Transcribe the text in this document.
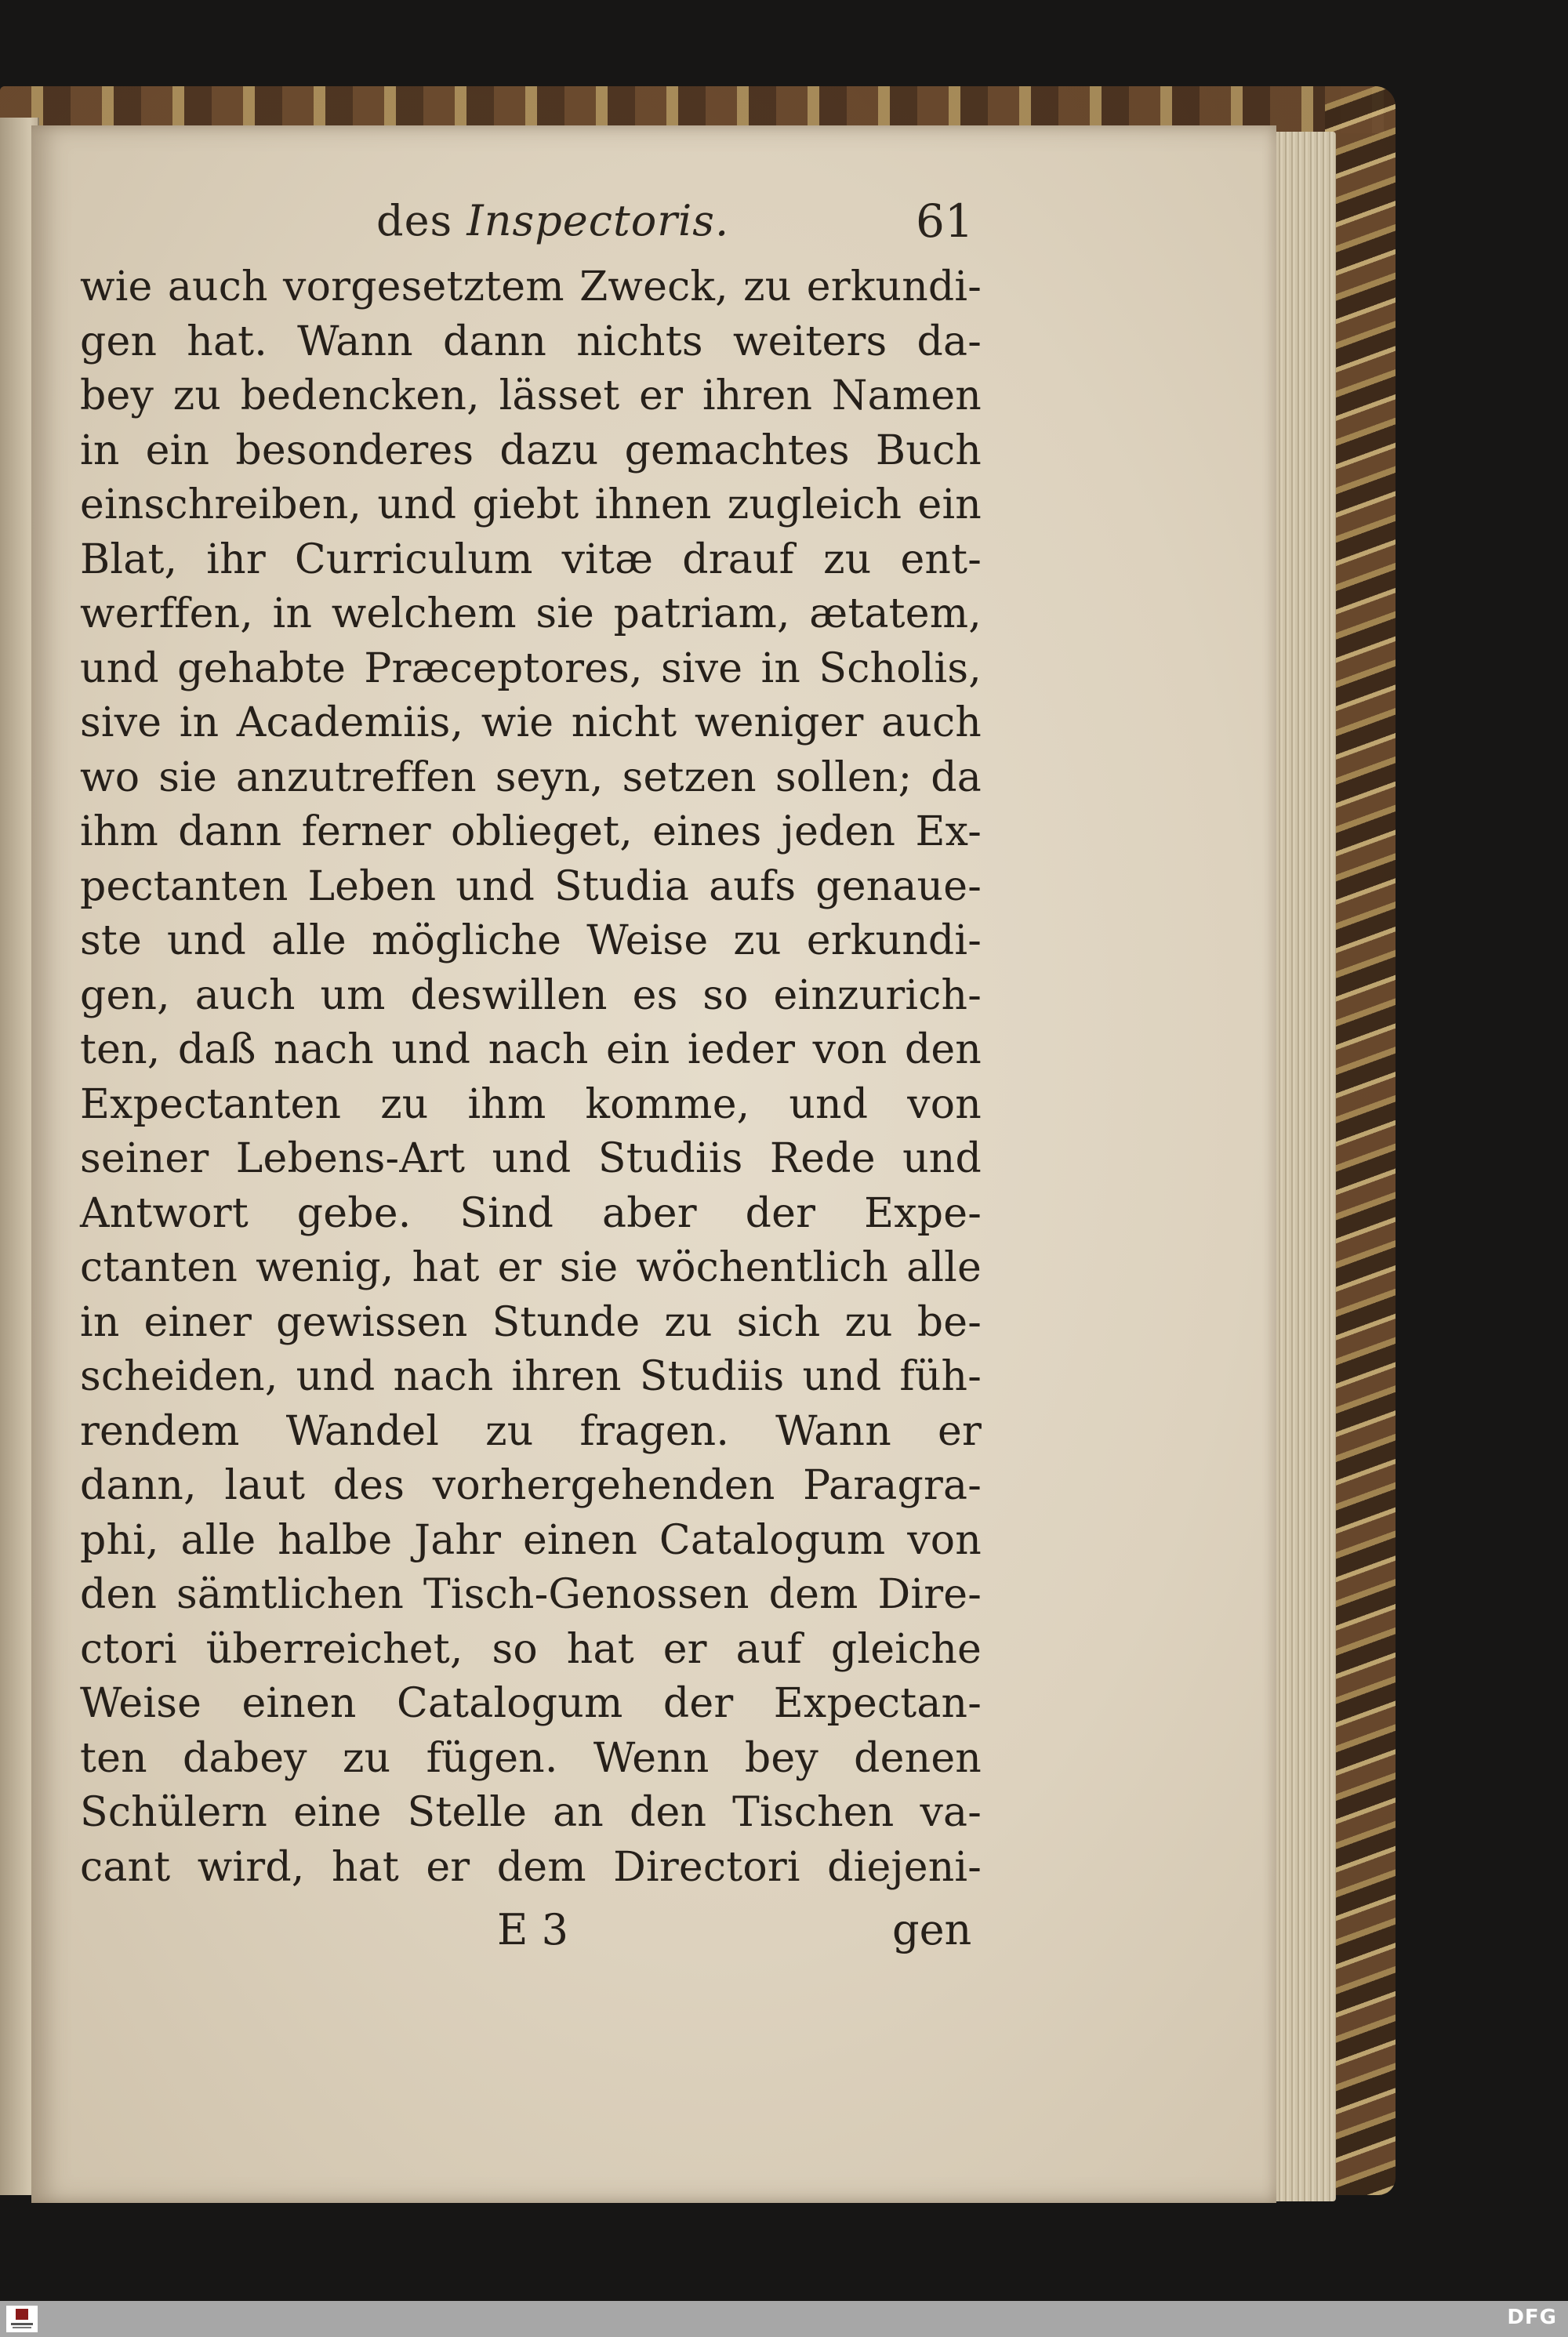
des Inspectoris.	61
wie auch vorgesetztem Zweck, zu erkundi-
gen hat. Wann dann nichts weiters da-
bey zu bedencken, lässet er ihren Namen
in ein besonderes dazu gemachtes Buch
einschreiben, und giebt ihnen zugleich ein
Blat, ihr Curriculum vitæ drauf zu ent-
werffen, in welchem sie patriam, ætatem,
und gehabte Præceptores, sive in Scholis,
sive in Academiis, wie nicht weniger auch
wo sie anzutreffen seyn, setzen sollen; da
ihm dann ferner oblieget, eines jeden Ex-
pectanten Leben und Studia aufs genaue-
ste und alle mögliche Weise zu erkundi-
gen, auch um deswillen es so einzurich-
ten, daß nach und nach ein ieder von den
Expectanten zu ihm komme, und von
seiner Lebens-Art und Studiis Rede und
Antwort gebe. Sind aber der Expe-
ctanten wenig, hat er sie wöchentlich alle
in einer gewissen Stunde zu sich zu be-
scheiden, und nach ihren Studiis und füh-
rendem Wandel zu fragen. Wann er
dann, laut des vorhergehenden Paragra-
phi, alle halbe Jahr einen Catalogum von
den sämtlichen Tisch-Genossen dem Dire-
ctori überreichet, so hat er auf gleiche
Weise einen Catalogum der Expectan-
ten dabey zu fügen. Wenn bey denen
Schülern eine Stelle an den Tischen va-
cant wird, hat er dem Directori diejeni-
E 3	gen
DFG
